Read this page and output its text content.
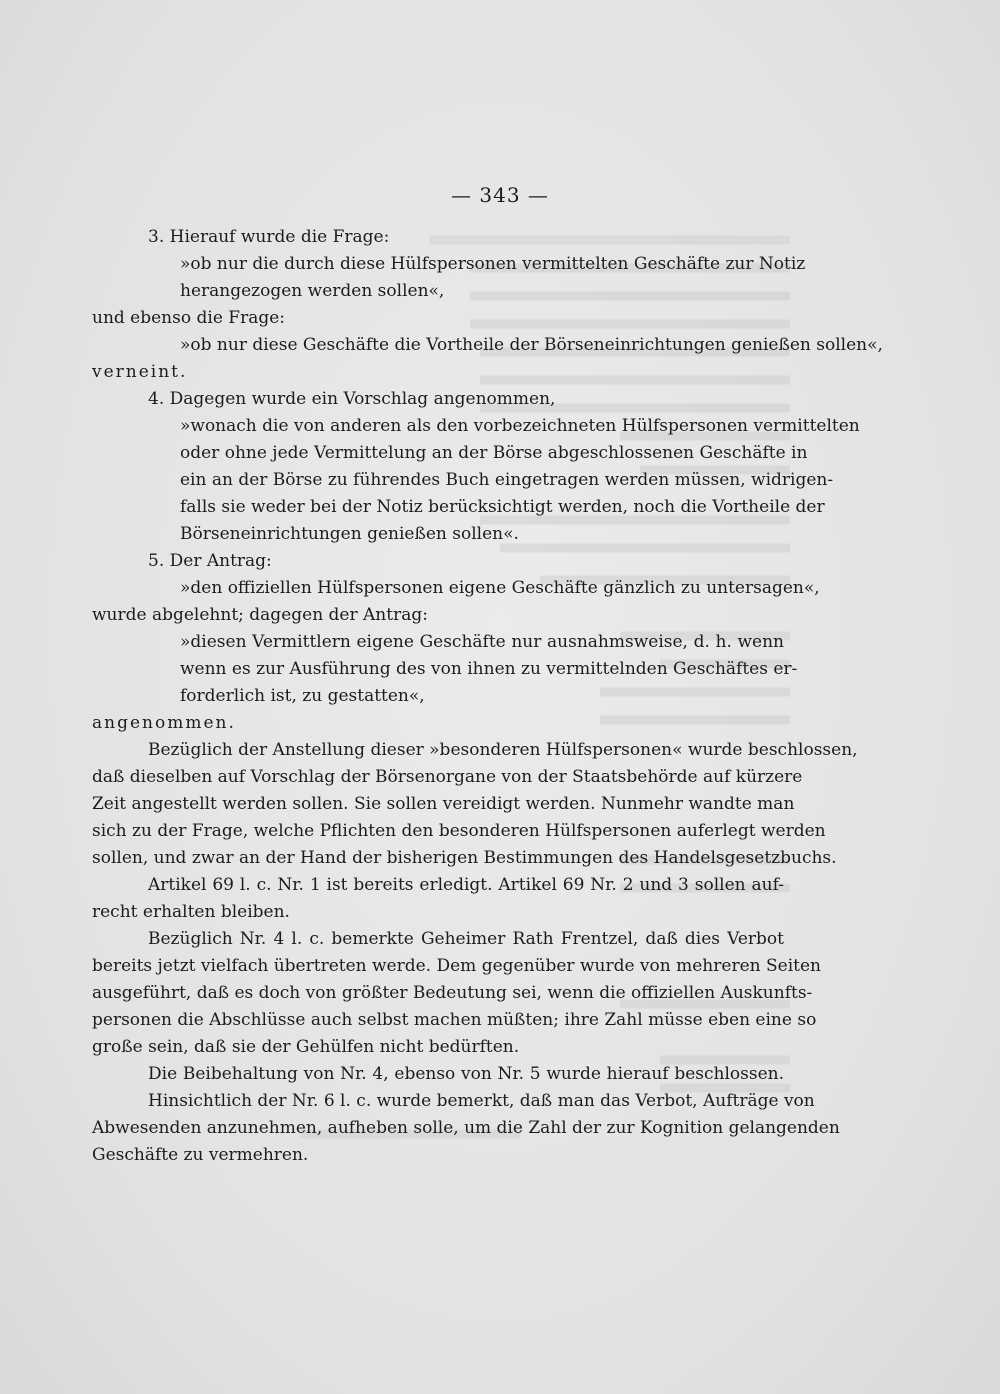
— 343 —
3. Hierauf wurde die Frage:
»ob nur die durch diese Hülfspersonen vermittelten Geschäfte zur Notiz
herangezogen werden sollen«,
und ebenso die Frage:
»ob nur diese Geschäfte die Vortheile der Börseneinrichtungen genießen sollen«,
verneint.
4. Dagegen wurde ein Vorschlag angenommen,
»wonach die von anderen als den vorbezeichneten Hülfspersonen vermittelten
oder ohne jede Vermittelung an der Börse abgeschlossenen Geschäfte in
ein an der Börse zu führendes Buch eingetragen werden müssen, widrigen-
falls sie weder bei der Notiz berücksichtigt werden, noch die Vortheile der
Börseneinrichtungen genießen sollen«.
5. Der Antrag:
»den offiziellen Hülfspersonen eigene Geschäfte gänzlich zu untersagen«,
wurde abgelehnt; dagegen der Antrag:
»diesen Vermittlern eigene Geschäfte nur ausnahmsweise, d. h. wenn
wenn es zur Ausführung des von ihnen zu vermittelnden Geschäftes er-
forderlich ist, zu gestatten«,
angenommen.
Bezüglich der Anstellung dieser »besonderen Hülfspersonen« wurde beschlossen,
daß dieselben auf Vorschlag der Börsenorgane von der Staatsbehörde auf kürzere
Zeit angestellt werden sollen. Sie sollen vereidigt werden. Nunmehr wandte man
sich zu der Frage, welche Pflichten den besonderen Hülfspersonen auferlegt werden
sollen, und zwar an der Hand der bisherigen Bestimmungen des Handelsgesetzbuchs.
Artikel 69 l. c. Nr. 1 ist bereits erledigt. Artikel 69 Nr. 2 und 3 sollen auf-
recht erhalten bleiben.
Bezüglich Nr. 4 l. c. bemerkte Geheimer Rath Frentzel, daß dies Verbot
bereits jetzt vielfach übertreten werde. Dem gegenüber wurde von mehreren Seiten
ausgeführt, daß es doch von größter Bedeutung sei, wenn die offiziellen Auskunfts-
personen die Abschlüsse auch selbst machen müßten; ihre Zahl müsse eben eine so
große sein, daß sie der Gehülfen nicht bedürften.
Die Beibehaltung von Nr. 4, ebenso von Nr. 5 wurde hierauf beschlossen.
Hinsichtlich der Nr. 6 l. c. wurde bemerkt, daß man das Verbot, Aufträge von
Abwesenden anzunehmen, aufheben solle, um die Zahl der zur Kognition gelangenden
Geschäfte zu vermehren.
